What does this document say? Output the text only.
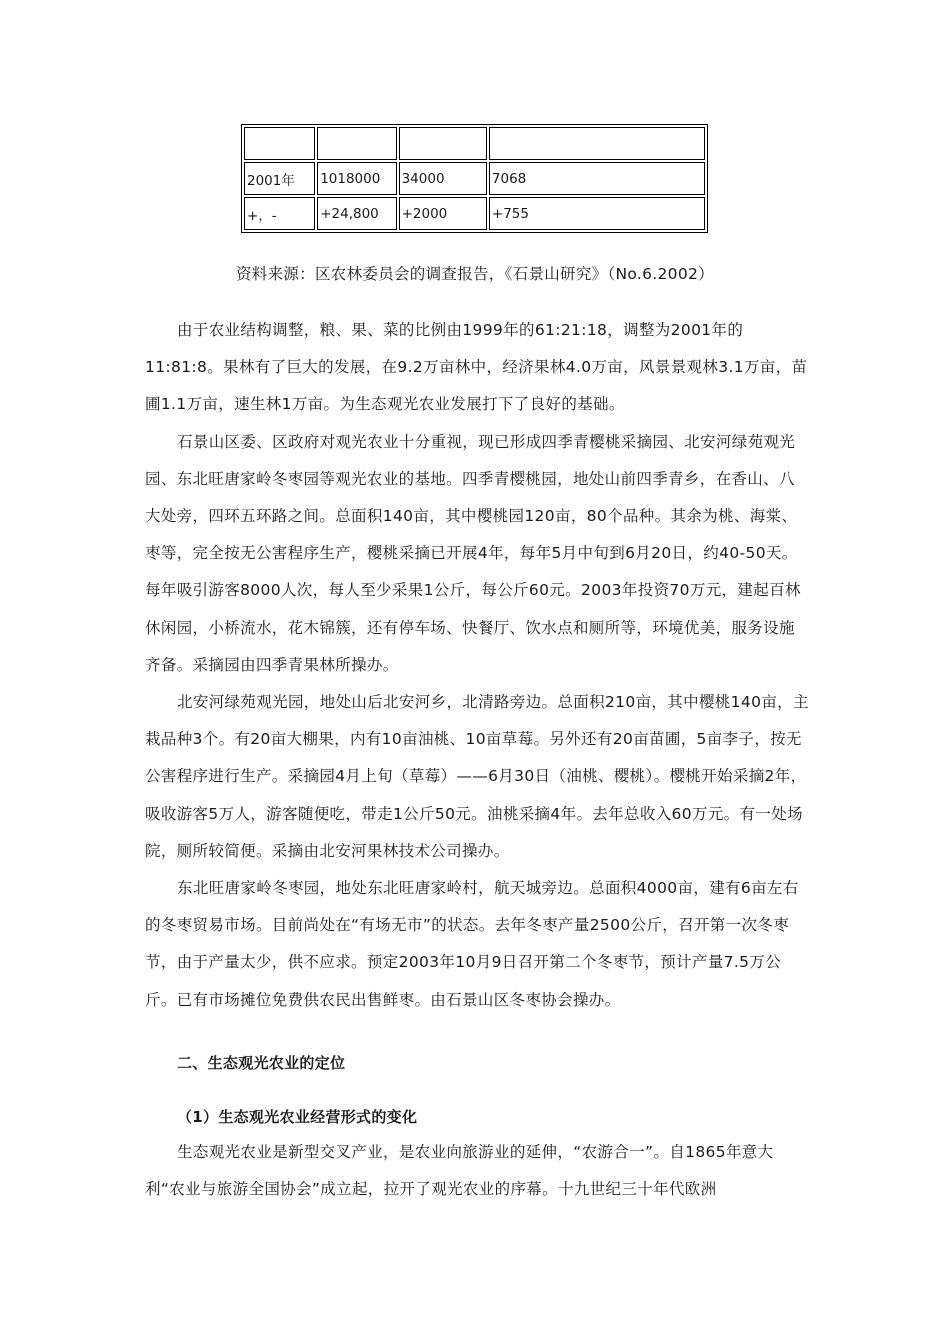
2001年	1018000	34000	7068
+，-	+24,800	+2000	+755
资料来源：区农林委员会的调查报告，《石景山研究》（No.6.2002）

由于农业结构调整，粮、果、菜的比例由1999年的61:21:18，调整为2001年的11:81:8。果林有了巨大的发展，在9.2万亩林中，经济果林4.0万亩，风景景观林3.1万亩，苗圃1.1万亩，速生林1万亩。为生态观光农业发展打下了良好的基础。

石景山区委、区政府对观光农业十分重视，现已形成四季青樱桃采摘园、北安河绿苑观光园、东北旺唐家岭冬枣园等观光农业的基地。四季青樱桃园，地处山前四季青乡，在香山、八大处旁，四环五环路之间。总面积140亩，其中樱桃园120亩，80个品种。其余为桃、海棠、枣等，完全按无公害程序生产，樱桃采摘已开展4年，每年5月中旬到6月20日，约40-50天。每年吸引游客8000人次，每人至少采果1公斤，每公斤60元。2003年投资70万元，建起百林休闲园，小桥流水，花木锦簇，还有停车场、快餐厅、饮水点和厕所等，环境优美，服务设施齐备。采摘园由四季青果林所操办。

北安河绿苑观光园，地处山后北安河乡，北清路旁边。总面积210亩，其中樱桃140亩，主栽品种3个。有20亩大棚果，内有10亩油桃、10亩草莓。另外还有20亩苗圃，5亩李子，按无公害程序进行生产。采摘园4月上旬（草莓）——6月30日（油桃、樱桃）。樱桃开始采摘2年，吸收游客5万人，游客随便吃，带走1公斤50元。油桃采摘4年。去年总收入60万元。有一处场院，厕所较简便。采摘由北安河果林技术公司操办。

东北旺唐家岭冬枣园，地处东北旺唐家岭村，航天城旁边。总面积4000亩，建有6亩左右的冬枣贸易市场。目前尚处在“有场无市”的状态。去年冬枣产量2500公斤，召开第一次冬枣节，由于产量太少，供不应求。预定2003年10月9日召开第二个冬枣节，预计产量7.5万公斤。已有市场摊位免费供农民出售鲜枣。由石景山区冬枣协会操办。

二、生态观光农业的定位
（1）生态观光农业经营形式的变化

生态观光农业是新型交叉产业，是农业向旅游业的延伸，“农游合一”。自1865年意大利“农业与旅游全国协会”成立起，拉开了观光农业的序幕。十九世纪三十年代欧洲
